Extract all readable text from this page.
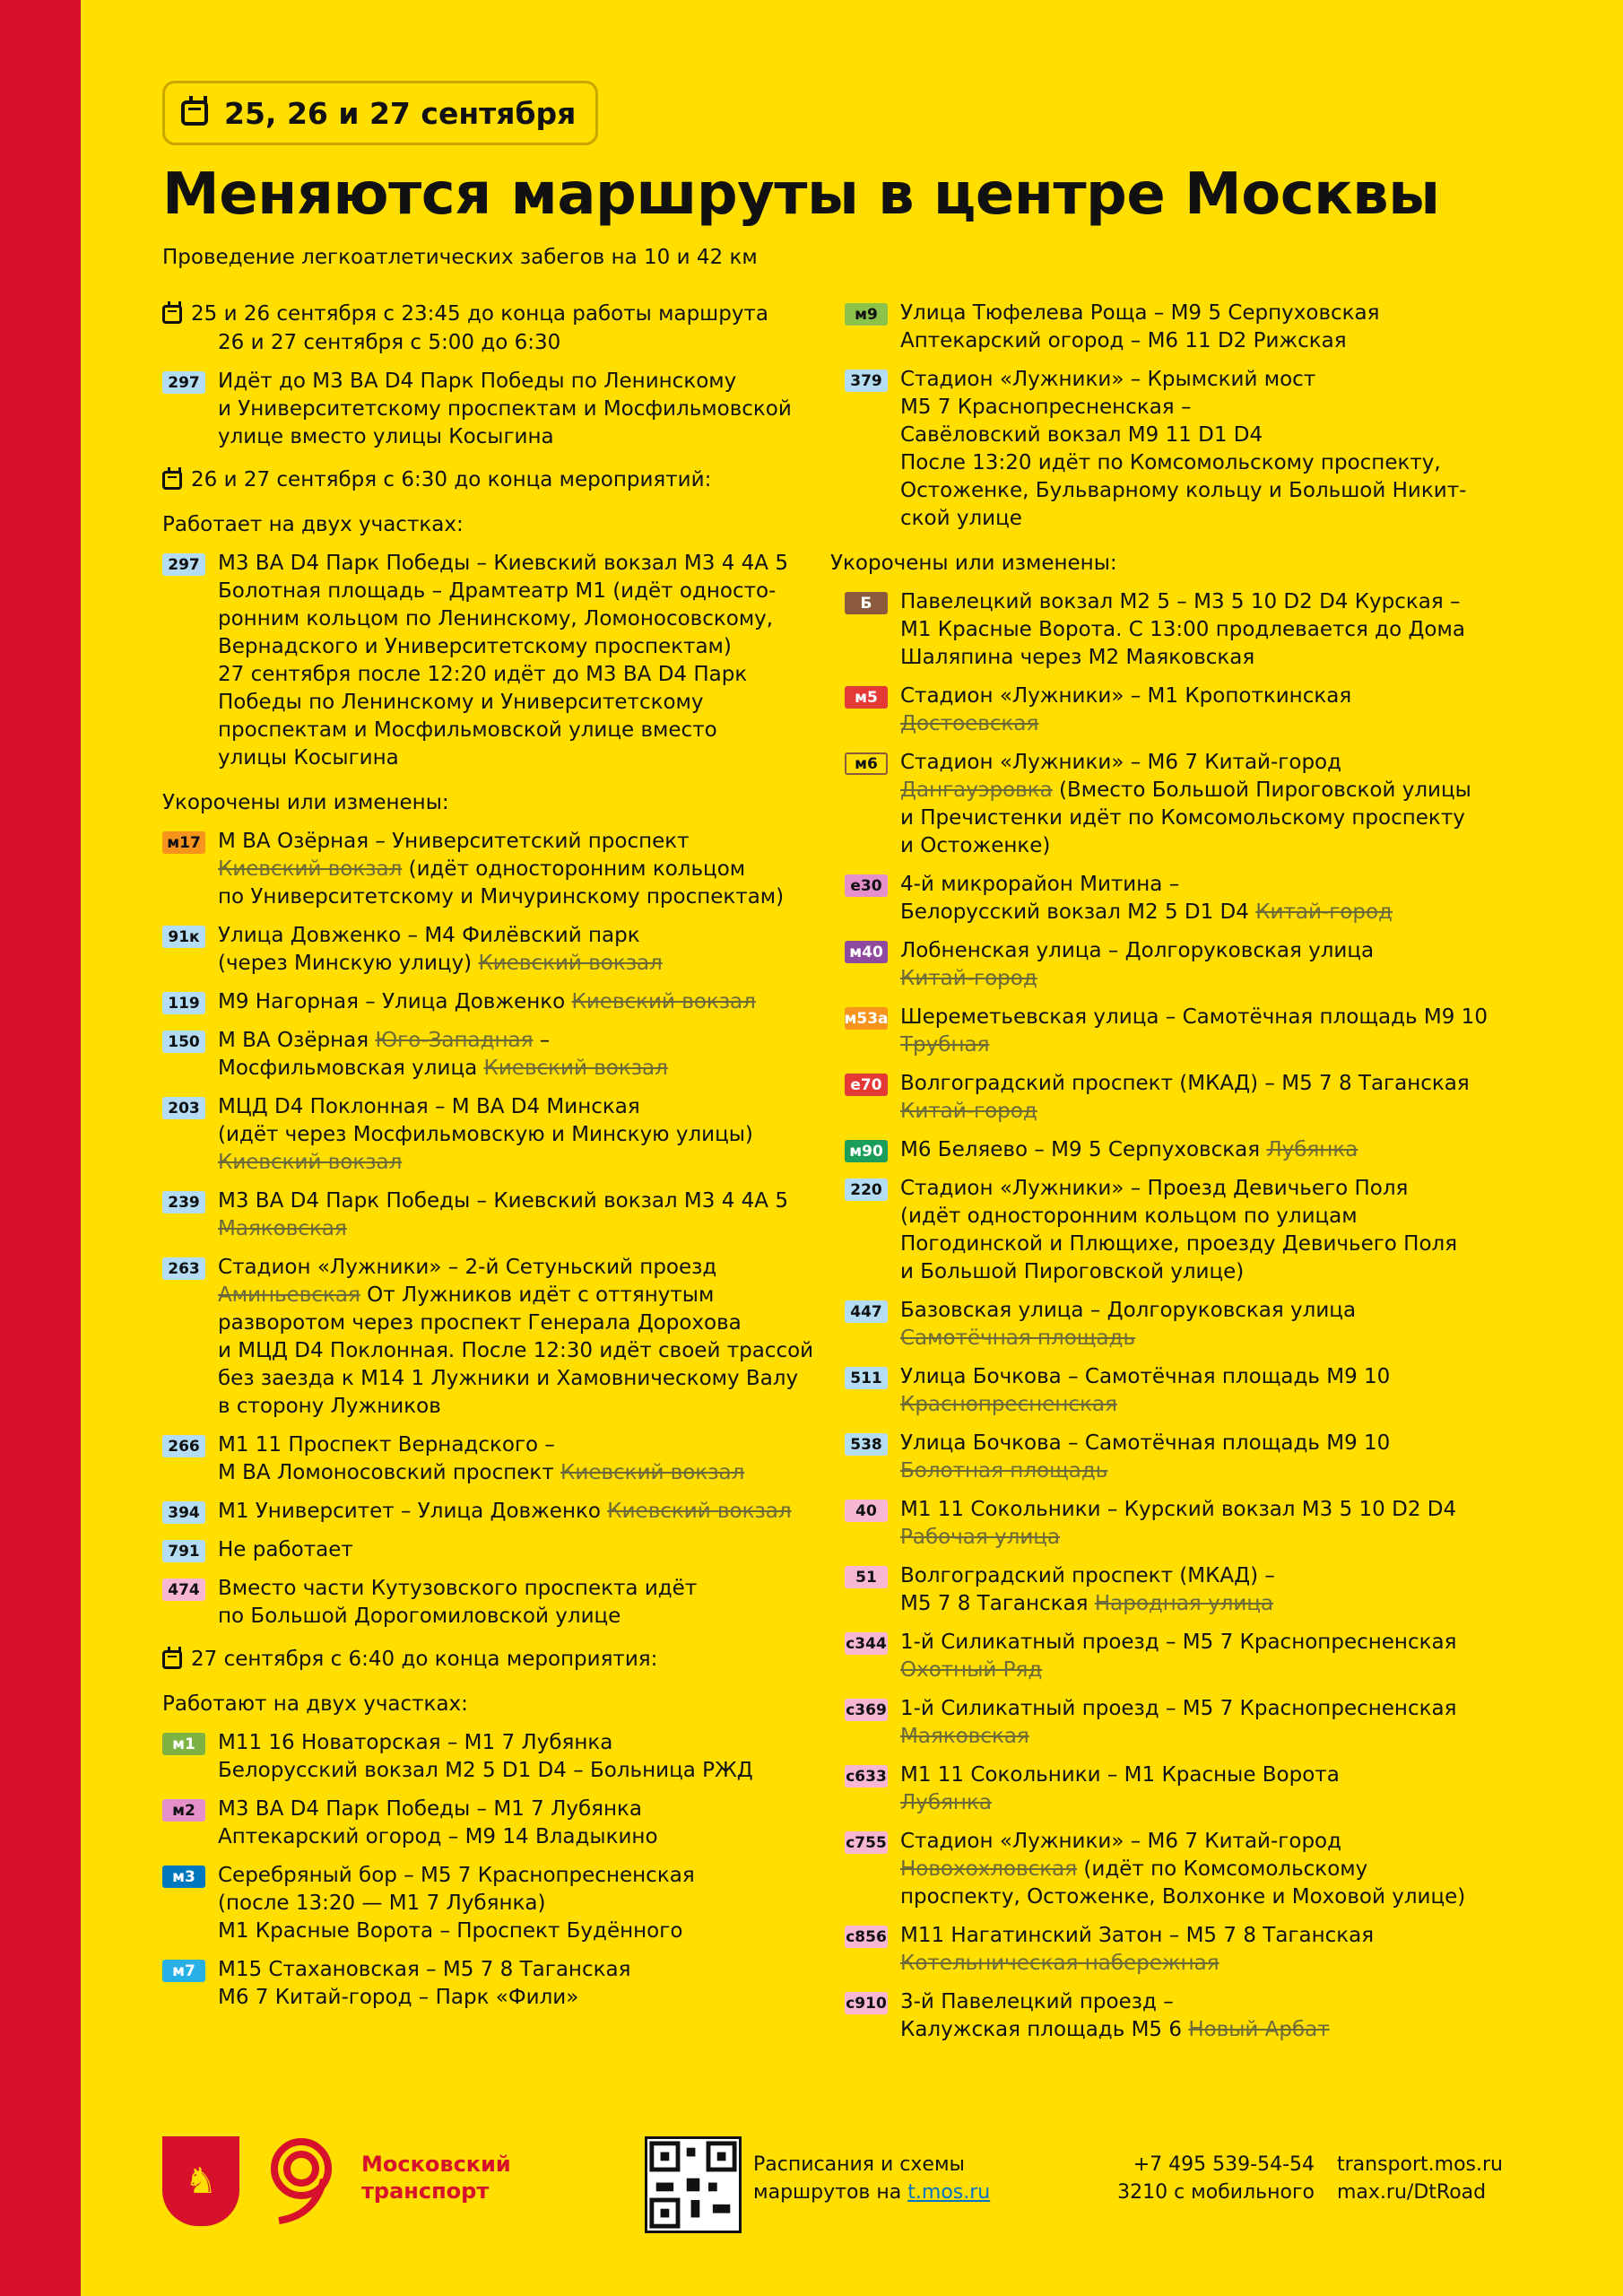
25, 26 и 27 сентября
Меняются маршруты в центре Москвы
Проведение легкоатлетических забегов на 10 и 42 км
25 и 26 сентября с 23:45 до конца работы маршрута
26 и 27 сентября с 5:00 до 6:30
297 Идёт до М3 ВА D4 Парк Победы по Ленинскому
и Университетскому проспектам и Мосфильмовской
улице вместо улицы Косыгина
26 и 27 сентября с 6:30 до конца мероприятий:
Работает на двух участках:
297 М3 ВА D4 Парк Победы – Киевский вокзал М3 4 4A 5
Болотная площадь – Драмтеатр М1 (идёт односто-
ронним кольцом по Ленинскому, Ломоносовскому,
Вернадского и Университетскому проспектам)
27 сентября после 12:20 идёт до М3 ВА D4 Парк
Победы по Ленинскому и Университетскому
проспектам и Мосфильмовской улице вместо
улицы Косыгина
Укорочены или изменены:
м17 М ВА Озёрная – Университетский проспект
Киевский вокзал (идёт односторонним кольцом
по Университетскому и Мичуринскому проспектам)
91к Улица Довженко – М4 Филёвский парк
(через Минскую улицу) Киевский вокзал
119 М9 Нагорная – Улица Довженко Киевский вокзал
150 М ВА Озёрная Юго-Западная –
Мосфильмовская улица Киевский вокзал
203 МЦД D4 Поклонная – М ВА D4 Минская
(идёт через Мосфильмовскую и Минскую улицы)
Киевский вокзал
239 М3 ВА D4 Парк Победы – Киевский вокзал М3 4 4A 5
Маяковская
263 Стадион «Лужники» – 2-й Сетуньский проезд
Аминьевская От Лужников идёт с оттянутым
разворотом через проспект Генерала Дорохова
и МЦД D4 Поклонная. После 12:30 идёт своей трассой
без заезда к М14 1 Лужники и Хамовническому Валу
в сторону Лужников
266 М1 11 Проспект Вернадского –
М ВА Ломоносовский проспект Киевский вокзал
394 М1 Университет – Улица Довженко Киевский вокзал
791 Не работает
474 Вместо части Кутузовского проспекта идёт
по Большой Дорогомиловской улице
27 сентября с 6:40 до конца мероприятия:
Работают на двух участках:
м1	М11 16 Новаторская – М1 7 Лубянка
Белорусский вокзал М2 5 D1 D4 – Больница РЖД
м2	М3 ВА D4 Парк Победы – М1 7 Лубянка
Аптекарский огород – М9 14 Владыкино
м3	Серебряный бор – М5 7 Краснопресненская
(после 13:20 — М1 7 Лубянка)
М1 Красные Ворота – Проспект Будённого
м7	М15 Стахановская – М5 7 8 Таганская
М6 7 Китай-город – Парк «Фили»
м9	Улица Тюфелева Роща – М9 5 Серпуховская
Аптекарский огород – М6 11 D2 Рижская
379 Стадион «Лужники» – Крымский мост
М5 7 Краснопресненская –
Савёловский вокзал М9 11 D1 D4
После 13:20 идёт по Комсомольскому проспекту,
Остоженке, Бульварному кольцу и Большой Никит-
ской улице
Укорочены или изменены:
Б	Павелецкий вокзал М2 5 – М3 5 10 D2 D4 Курская –
М1 Красные Ворота. С 13:00 продлевается до Дома
Шаляпина через М2 Маяковская
м5	Стадион «Лужники» – М1 Кропоткинская
Достоевская
м6	Стадион «Лужники» – М6 7 Китай-город
Дангауэровка (Вместо Большой Пироговской улицы
и Пречистенки идёт по Комсомольскому проспекту
и Остоженке)
е30 4-й микрорайон Митина –
Белорусский вокзал М2 5 D1 D4 Китай-город
м40 Лобненская улица – Долгоруковская улица
Китай-город
м53а Шереметьевская улица – Самотёчная площадь М9 10
Трубная
е70 Волгоградский проспект (МКАД) – М5 7 8 Таганская
Китай-город
м90 М6 Беляево – М9 5 Серпуховская Лубянка
220 Стадион «Лужники» – Проезд Девичьего Поля
(идёт односторонним кольцом по улицам
Погодинской и Плющихе, проезду Девичьего Поля
и Большой Пироговской улице)
447 Базовская улица – Долгоруковская улица
Самотёчная площадь
511 Улица Бочкова – Самотёчная площадь М9 10
Краснопресненская
538 Улица Бочкова – Самотёчная площадь М9 10
Болотная площадь
40	М1 11 Сокольники – Курский вокзал М3 5 10 D2 D4
Рабочая улица
51	Волгоградский проспект (МКАД) –
М5 7 8 Таганская Народная улица
с344 1-й Силикатный проезд – М5 7 Краснопресненская
Охотный Ряд
с369 1-й Силикатный проезд – М5 7 Краснопресненская
Маяковская
с633 М1 11 Сокольники – М1 Красные Ворота
Лубянка
с755 Стадион «Лужники» – М6 7 Китай-город
Новохохловская (идёт по Комсомольскому
проспекту, Остоженке, Волхонке и Моховой улице)
с856 М11 Нагатинский Затон – М5 7 8 Таганская
Котельническая набережная
с910 3-й Павелецкий проезд –
Калужская площадь М5 6 Новый Арбат
♞	Московский
транспорт
Расписания и схемы
маршрутов на t.mos.ru
+7 495 539-54-54
3210 с мобильного
transport.mos.ru
max.ru/DtRoad
